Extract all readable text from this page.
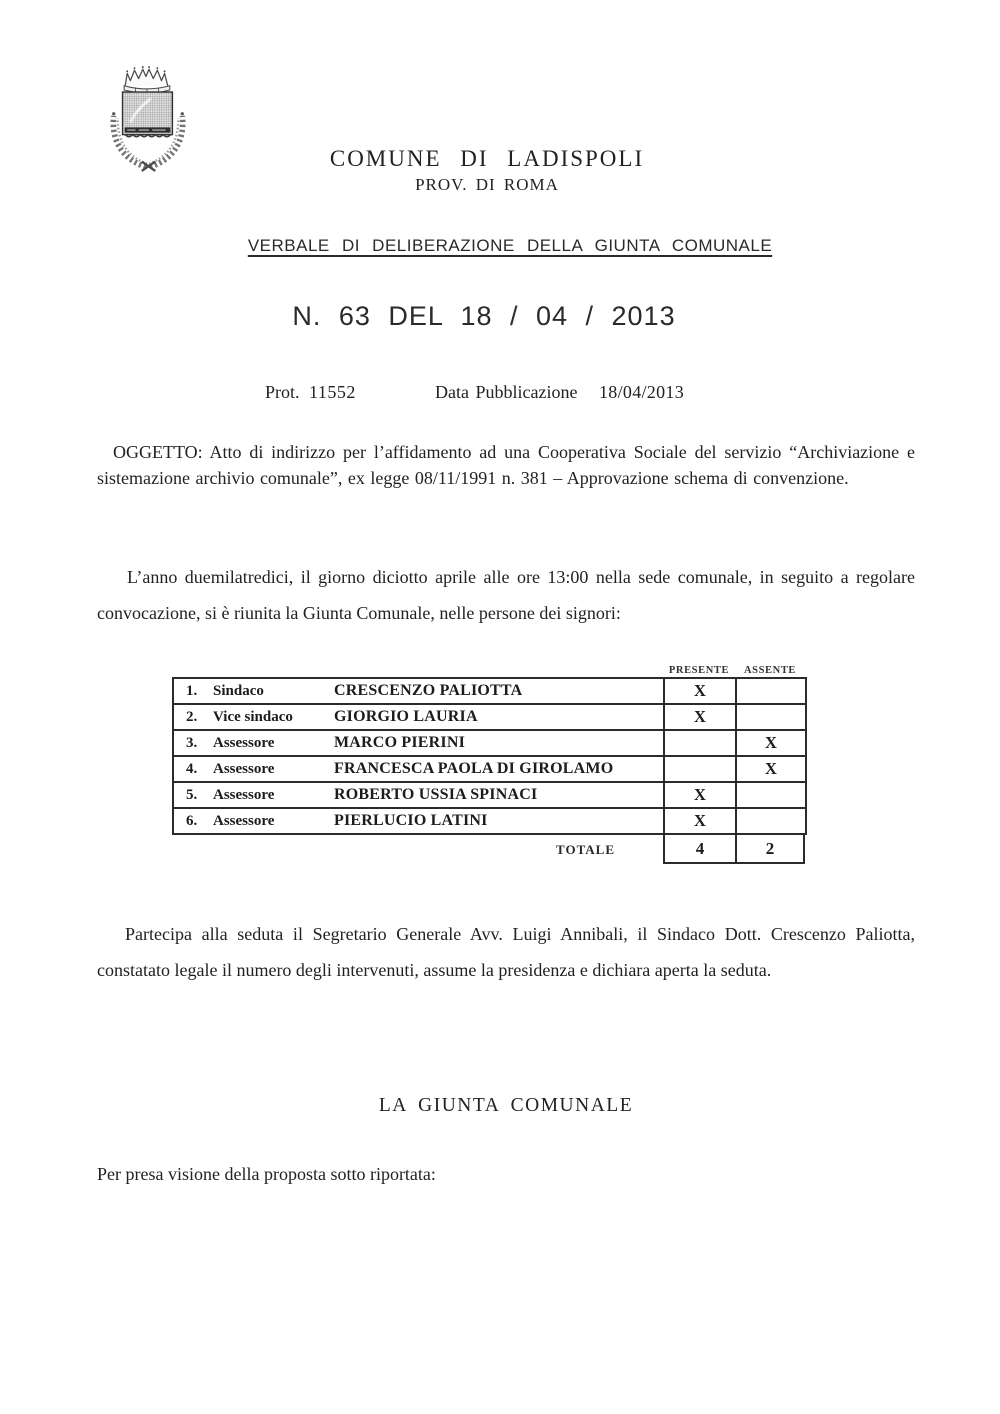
COMUNE DI LADISPOLI
PROV. DI ROMA
VERBALE DI DELIBERAZIONE DELLA GIUNTA COMUNALE
N. 63 DEL 18 / 04 / 2013
Prot. 11552	Data Pubblicazione 18/04/2013

OGGETTO: Atto di indirizzo per l’affidamento ad una Cooperativa Sociale del servizio “Archiviazione e sistemazione archivio comunale”, ex legge 08/11/1991 n. 381 – Approvazione schema di convenzione.

L’anno duemilatredici, il giorno diciotto aprile alle ore 13:00 nella sede comunale, in seguito a regolare convocazione, si è riunita la Giunta Comunale, nelle persone dei signori:

PRESENTE	ASSENTE
1.	Sindaco	CRESCENZO PALIOTTA	X	
2.	Vice sindaco	GIORGIO LAURIA	X	
3.	Assessore	MARCO PIERINI		X
4.	Assessore	FRANCESCA PAOLA DI GIROLAMO		X
5.	Assessore	ROBERTO USSIA SPINACI	X	
6.	Assessore	PIERLUCIO LATINI	X	
TOTALE	4	2

Partecipa alla seduta il Segretario Generale Avv. Luigi Annibali, il Sindaco Dott. Crescenzo Paliotta, constatato legale il numero degli intervenuti, assume la presidenza e dichiara aperta la seduta.

LA GIUNTA COMUNALE

Per presa visione della proposta sotto riportata:
